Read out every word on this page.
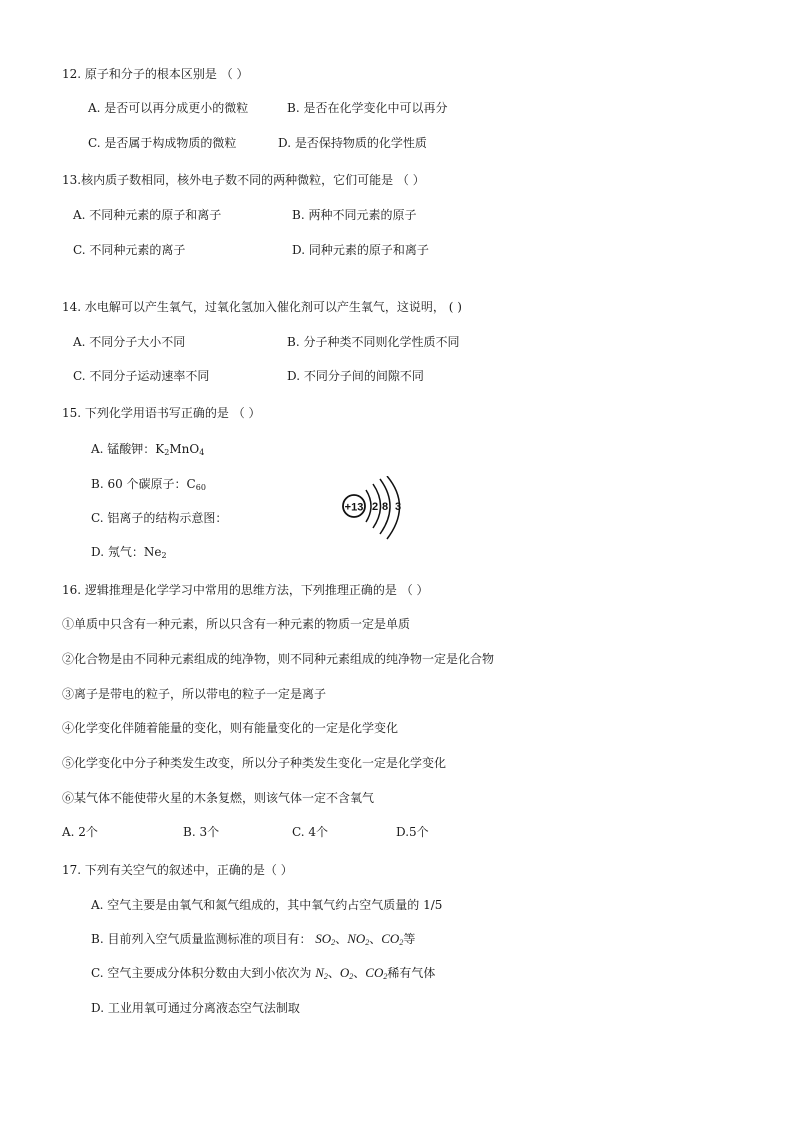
12. 原子和分子的根本区别是 （ ）
A. 是否可以再分成更小的微粒	B. 是否在化学变化中可以再分
C. 是否属于构成物质的微粒	D. 是否保持物质的化学性质
13.核内质子数相同，核外电子数不同的两种微粒，它们可能是 （ ）
A. 不同种元素的原子和离子	B. 两种不同元素的原子
C. 不同种元素的离子	D. 同种元素的原子和离子
14. 水电解可以产生氧气，过氧化氢加入催化剂可以产生氧气，这说明， ( )
A. 不同分子大小不同	B. 分子种类不同则化学性质不同
C. 不同分子运动速率不同	D. 不同分子间的间隙不同
15. 下列化学用语书写正确的是 （ ）
A. 锰酸钾：$K_2MnO_4$
B. 60 个碳原子：$C_{60}$
C. 铝离子的结构示意图：
D. 氖气：$Ne_2$
+13 2 8 3
16. 逻辑推理是化学学习中常用的思维方法，下列推理正确的是 （ ）
①单质中只含有一种元素，所以只含有一种元素的物质一定是单质
②化合物是由不同种元素组成的纯净物，则不同种元素组成的纯净物一定是化合物
③离子是带电的粒子，所以带电的粒子一定是离子
④化学变化伴随着能量的变化，则有能量变化的一定是化学变化
⑤化学变化中分子种类发生改变，所以分子种类发生变化一定是化学变化
⑥某气体不能使带火星的木条复燃，则该气体一定不含氧气
A. 2个	B. 3个	C. 4个	D.5个
17. 下列有关空气的叙述中，正确的是（ ）
A. 空气主要是由氧气和氮气组成的，其中氧气约占空气质量的 1/5
B. 目前列入空气质量监测标准的项目有： $SO_2$、$NO_2$、$CO_2$等
C. 空气主要成分体积分数由大到小依次为 $N_2$、$O_2$、$CO_2$稀有气体
D. 工业用氧可通过分离液态空气法制取
